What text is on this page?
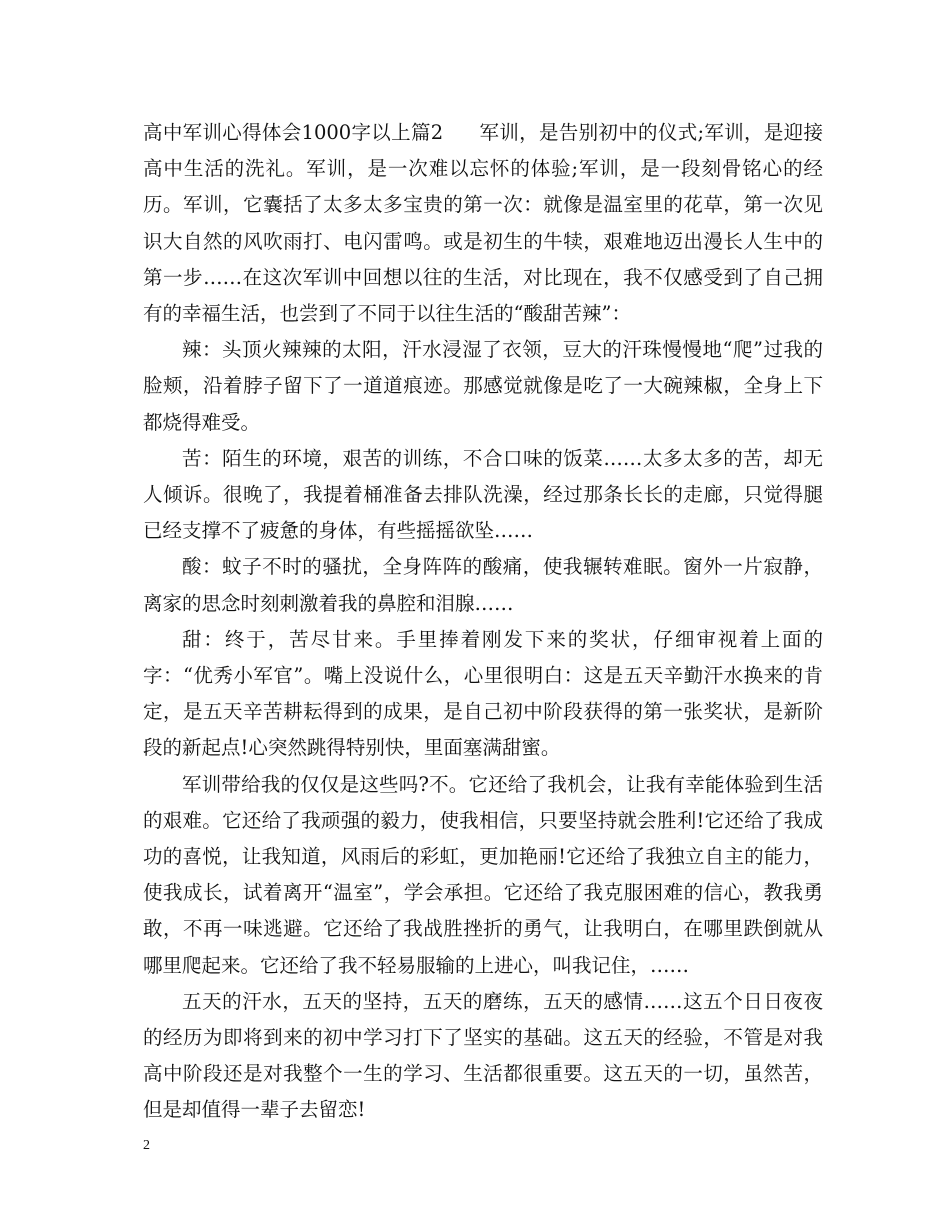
高中军训心得体会1000字以上篇2 军训，是告别初中的仪式;军训，是迎接高中生活的洗礼。军训，是一次难以忘怀的体验;军训，是一段刻骨铭心的经历。军训，它囊括了太多太多宝贵的第一次：就像是温室里的花草，第一次见识大自然的风吹雨打、电闪雷鸣。或是初生的牛犊，艰难地迈出漫长人生中的第一步……在这次军训中回想以往的生活，对比现在，我不仅感受到了自己拥有的幸福生活，也尝到了不同于以往生活的“酸甜苦辣”：

辣：头顶火辣辣的太阳，汗水浸湿了衣领，豆大的汗珠慢慢地“爬”过我的脸颊，沿着脖子留下了一道道痕迹。那感觉就像是吃了一大碗辣椒，全身上下都烧得难受。

苦：陌生的环境，艰苦的训练，不合口味的饭菜……太多太多的苦，却无人倾诉。很晚了，我提着桶准备去排队洗澡，经过那条长长的走廊，只觉得腿已经支撑不了疲惫的身体，有些摇摇欲坠……

酸：蚊子不时的骚扰，全身阵阵的酸痛，使我辗转难眠。窗外一片寂静，离家的思念时刻刺激着我的鼻腔和泪腺……

甜：终于，苦尽甘来。手里捧着刚发下来的奖状，仔细审视着上面的字：“优秀小军官”。嘴上没说什么，心里很明白：这是五天辛勤汗水换来的肯定，是五天辛苦耕耘得到的成果，是自己初中阶段获得的第一张奖状，是新阶段的新起点!心突然跳得特别快，里面塞满甜蜜。

军训带给我的仅仅是这些吗?不。它还给了我机会，让我有幸能体验到生活的艰难。它还给了我顽强的毅力，使我相信，只要坚持就会胜利!它还给了我成功的喜悦，让我知道，风雨后的彩虹，更加艳丽!它还给了我独立自主的能力，使我成长，试着离开“温室”，学会承担。它还给了我克服困难的信心，教我勇敢，不再一味逃避。它还给了我战胜挫折的勇气，让我明白，在哪里跌倒就从哪里爬起来。它还给了我不轻易服输的上进心，叫我记住，……

五天的汗水，五天的坚持，五天的磨练，五天的感情……这五个日日夜夜的经历为即将到来的初中学习打下了坚实的基础。这五天的经验，不管是对我高中阶段还是对我整个一生的学习、生活都很重要。这五天的一切，虽然苦，但是却值得一辈子去留恋!

2
